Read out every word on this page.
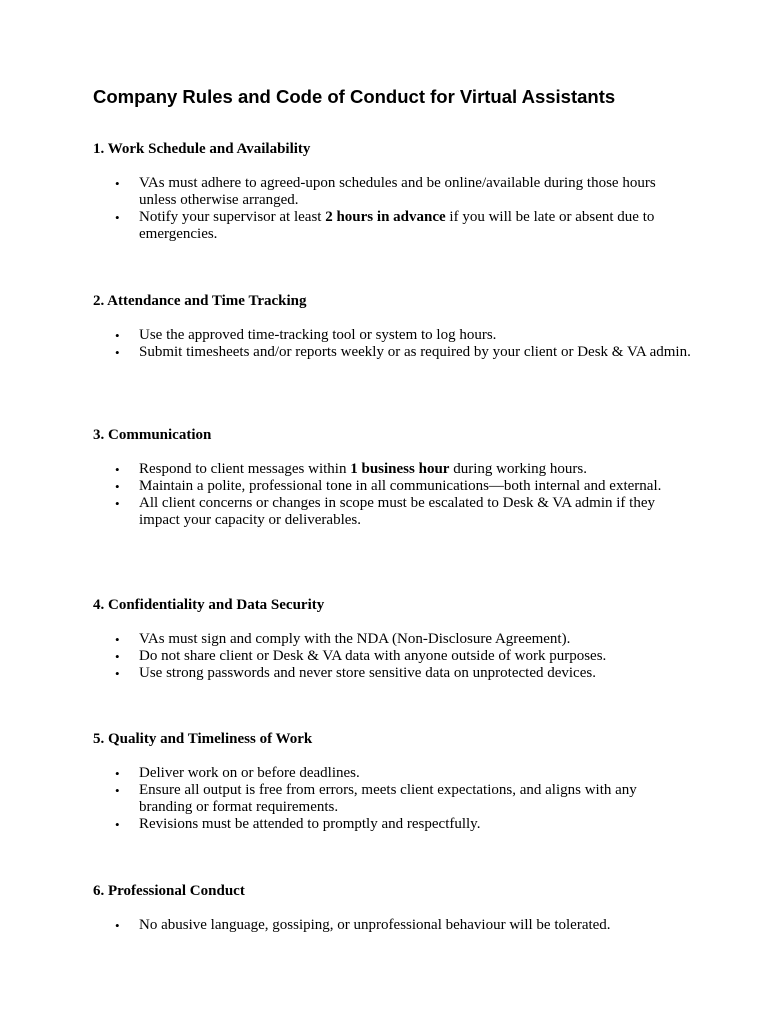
Company Rules and Code of Conduct for Virtual Assistants
1. Work Schedule and Availability
• VAs must adhere to agreed-upon schedules and be online/available during those hours unless otherwise arranged.
• Notify your supervisor at least 2 hours in advance if you will be late or absent due to emergencies.
2. Attendance and Time Tracking
• Use the approved time-tracking tool or system to log hours.
• Submit timesheets and/or reports weekly or as required by your client or Desk & VA admin.
3. Communication
• Respond to client messages within 1 business hour during working hours.
• Maintain a polite, professional tone in all communications—both internal and external.
• All client concerns or changes in scope must be escalated to Desk & VA admin if they impact your capacity or deliverables.
4. Confidentiality and Data Security
• VAs must sign and comply with the NDA (Non-Disclosure Agreement).
• Do not share client or Desk & VA data with anyone outside of work purposes.
• Use strong passwords and never store sensitive data on unprotected devices.
5. Quality and Timeliness of Work
• Deliver work on or before deadlines.
• Ensure all output is free from errors, meets client expectations, and aligns with any branding or format requirements.
• Revisions must be attended to promptly and respectfully.
6. Professional Conduct
• No abusive language, gossiping, or unprofessional behaviour will be tolerated.
